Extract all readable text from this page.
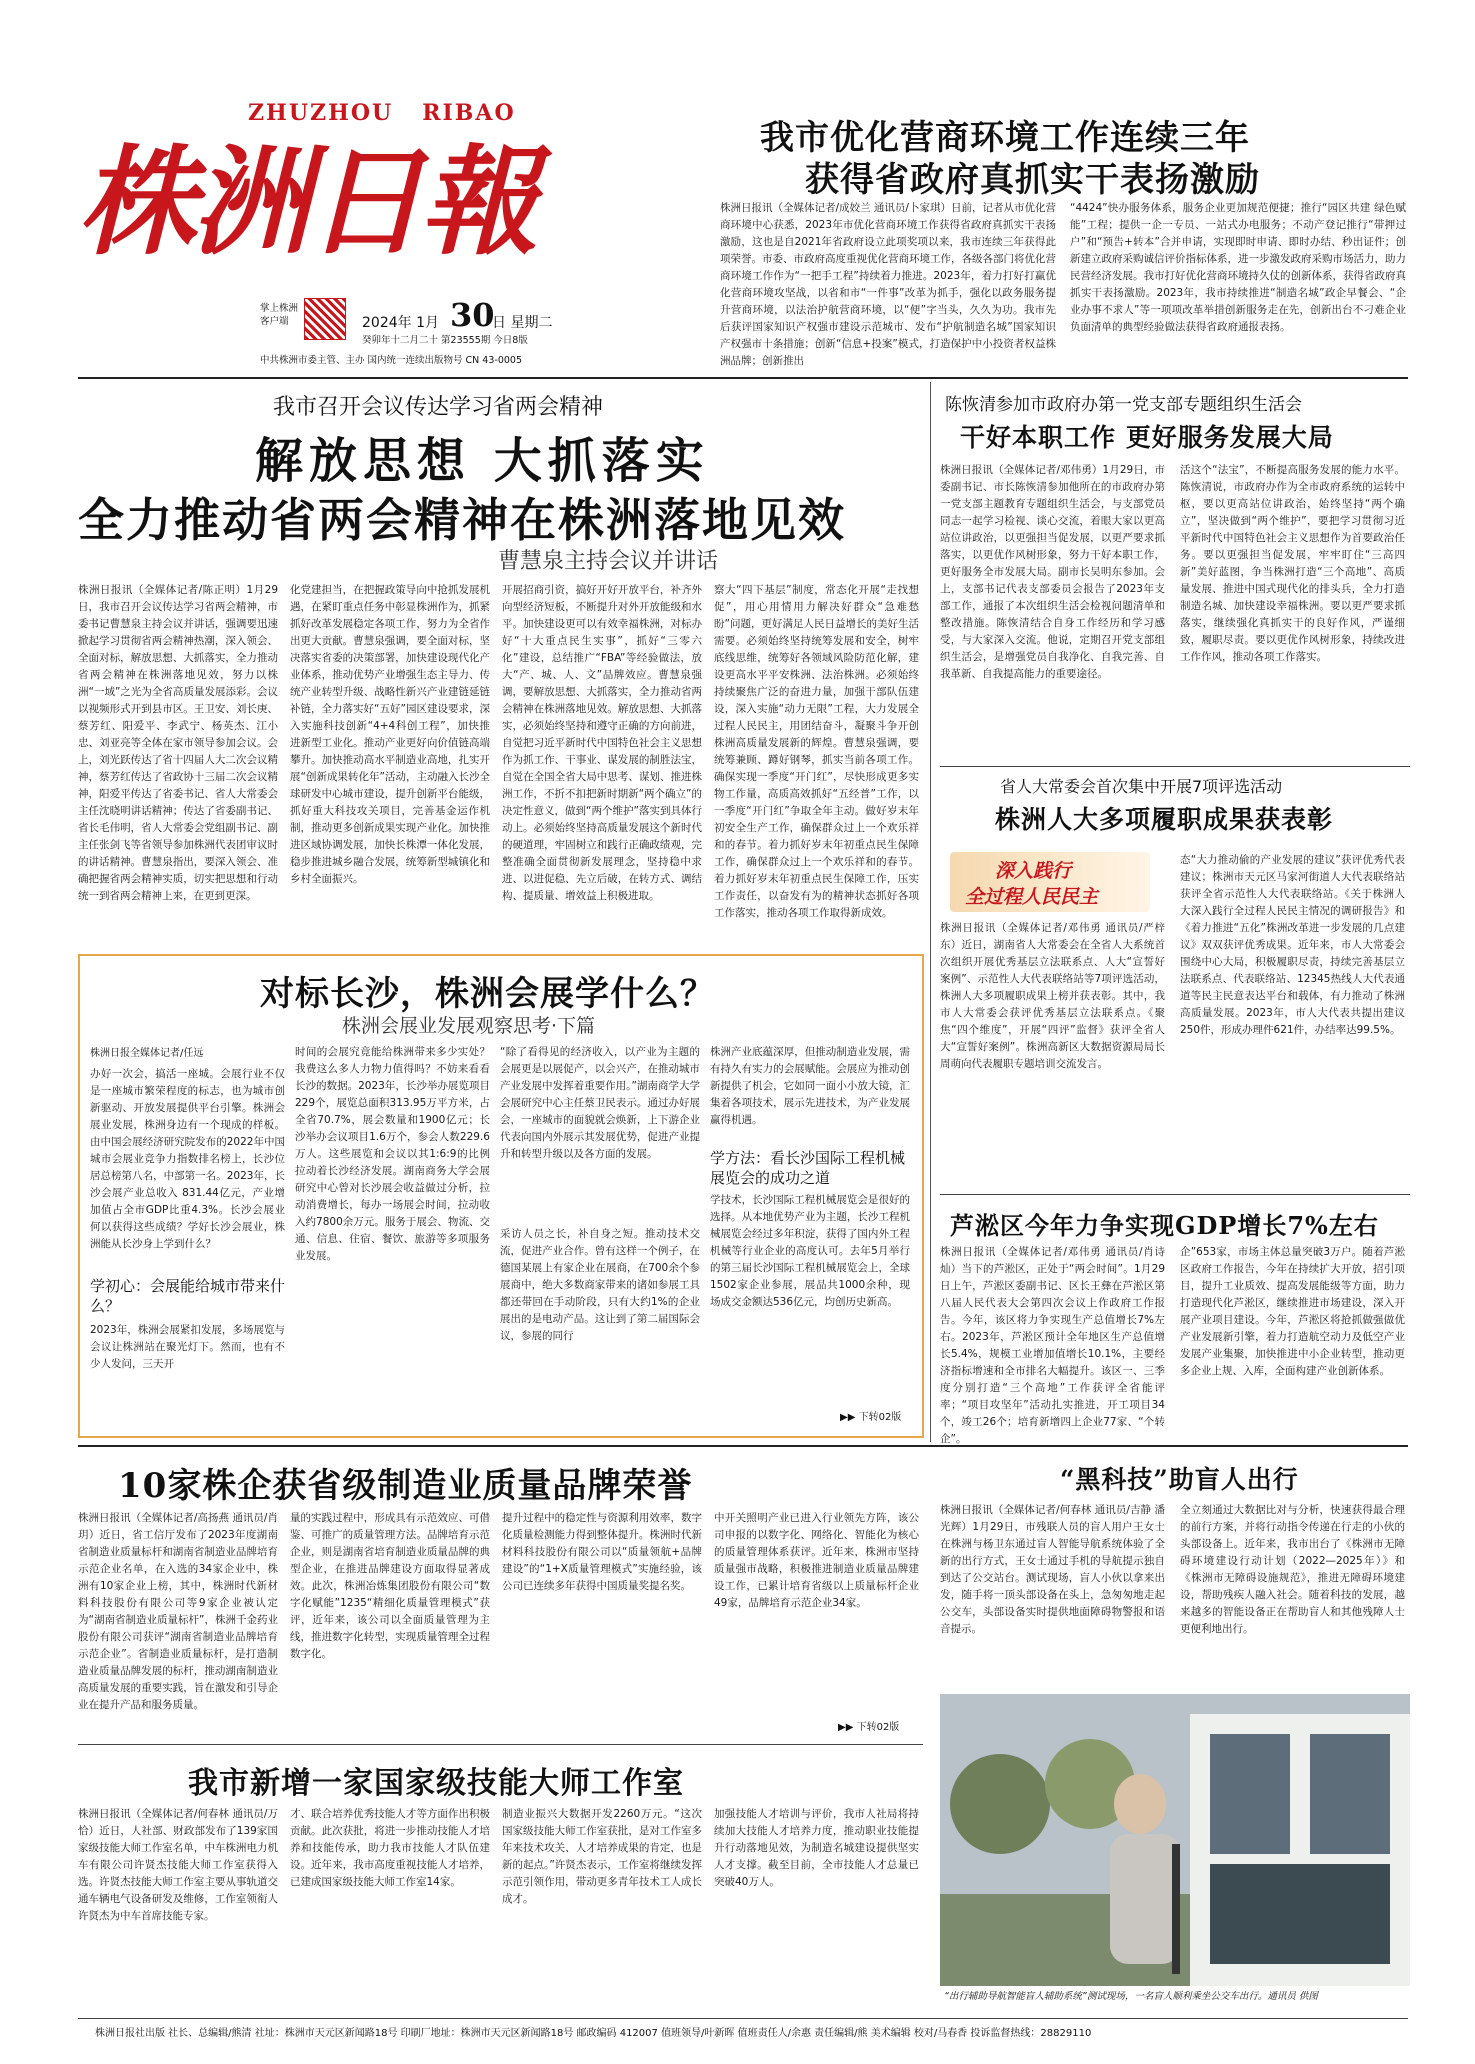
ZHUZHOU   RIBAO
株洲日報
掌上株洲
客户端	2024年 1月 30
日 星期二
癸卯年十二月二十 第23555期 今日8版
中共株洲市委主管、主办 国内统一连续出版物号 CN 43-0005
我市优化营商环境工作连续三年
获得省政府真抓实干表扬激励

株洲日报讯（全媒体记者/成姣兰 通讯员/卜家琪）日前，记者从市优化营商环境中心获悉，2023年市优化营商环境工作获得省政府真抓实干表扬激励，这也是自2021年省政府设立此项奖项以来，我市连续三年获得此项荣誉。市委、市政府高度重视优化营商环境工作，各级各部门将优化营商环境工作作为“一把手工程”持续着力推进。2023年，着力打好打赢优化营商环境攻坚战，以省和市“一件事”改革为抓手，强化以政务服务提升营商环境，以法治护航营商环境，以“便”字当头，久久为功。我市先后获评国家知识产权强市建设示范城市、发布“护航制造名城”国家知识产权强市十条措施；创新“信息+投案”模式，打造保护中小投资者权益株洲品牌；创新推出

“4424”快办服务体系，服务企业更加规范便捷；推行“园区共建 绿色赋能”工程；提供一企一专员、一站式办电服务；不动产登记推行“带押过户”和“预告+转本”合并申请，实现即时申请、即时办结、秒出证件；创新建立政府采购诚信评价指标体系，进一步激发政府采购市场活力，助力民营经济发展。我市打好优化营商环境持久仗的创新体系，获得省政府真抓实干表扬激励。2023年，我市持续推进“制造名城”政企早餐会、“企业办事不求人”等一项项改革举措创新服务走在先，创新出台不刁难企业负面清单的典型经验做法获得省政府通报表扬。

我市召开会议传达学习省两会精神
解放思想 大抓落实
全力推动省两会精神在株洲落地见效
曹慧泉主持会议并讲话

株洲日报讯（全媒体记者/陈正明）1月29日，我市召开会议传达学习省两会精神，市委书记曹慧泉主持会议并讲话，强调要迅速掀起学习贯彻省两会精神热潮，深入领会、全面对标，解放思想、大抓落实，全力推动省两会精神在株洲落地见效，努力以株洲“一域”之光为全省高质量发展添彩。会议以视频形式开到县市区。王卫安、刘长庚、蔡芳红、阳爱平、李武宁、杨英杰、江小忠、刘亚亮等全体在家市领导参加会议。会上，刘光跃传达了省十四届人大二次会议精神，蔡芳红传达了省政协十三届二次会议精神，阳爱平传达了省委书记、省人大常委会主任沈晓明讲话精神；传达了省委副书记、省长毛伟明，省人大常委会党组副书记、副主任张剑飞等省领导参加株洲代表团审议时的讲话精神。曹慧泉指出，要深入领会、准确把握省两会精神实质，切实把思想和行动统一到省两会精神上来，在更到更深。

化党建担当，在把握政策导向中抢抓发展机遇，在紧盯重点任务中彰显株洲作为，抓紧抓好改革发展稳定各项工作，努力为全省作出更大贡献。曹慧泉强调，要全面对标，坚决落实省委的决策部署，加快建设现代化产业体系，推动优势产业增强生态主导力、传统产业转型升级、战略性新兴产业建链延链补链，全力落实好“五好”园区建设要求，深入实施科技创新“4+4科创工程”，加快推进新型工业化。推动产业更好向价值链高端攀升。加快推动高水平制造业高地，扎实开展“创新成果转化年”活动，主动融入长沙全球研发中心城市建设，提升创新平台能级，抓好重大科技攻关项目，完善基金运作机制，推动更多创新成果实现产业化。加快推进区域协调发展，加快长株潭一体化发展，稳步推进城乡融合发展，统筹新型城镇化和乡村全面振兴。

开展招商引资，搞好开好开放平台，补齐外向型经济短板，不断提升对外开放能级和水平。加快建设更可以有效幸福株洲，对标办好“十大重点民生实事”，抓好“三零六化”建设，总结推广“FBA”等经验做法，放大“产、城、人、文”品牌效应。曹慧泉强调，要解放思想、大抓落实，全力推动省两会精神在株洲落地见效。解放思想、大抓落实，必须始终坚持和遵守正确的方向前进，自觉把习近平新时代中国特色社会主义思想作为抓工作、干事业、谋发展的制胜法宝，自觉在全国全省大局中思考、谋划、推进株洲工作，不折不扣把新时期新“两个确立”的决定性意义，做到“两个维护”落实到具体行动上。必须始终坚持高质量发展这个新时代的硬道理，牢固树立和践行正确政绩观，完整准确全面贯彻新发展理念，坚持稳中求进、以进促稳、先立后破，在转方式、调结构、提质量、增效益上积极进取。

察大“四下基层”制度，常态化开展“走找想促”，用心用情用力解决好群众“急难愁盼”问题，更好满足人民日益增长的美好生活需要。必须始终坚持统筹发展和安全，树牢底线思维，统筹好各领域风险防范化解，建设更高水平平安株洲、法治株洲。必须始终持续聚焦广泛的奋进力量，加强干部队伍建设，深入实施“动力无限”工程，大力发展全过程人民民主，用团结奋斗，凝聚斗争开创株洲高质量发展新的辉煌。曹慧泉强调，要统筹兼顾、蹲好钢琴，抓实当前各项工作。确保实现一季度“开门红”，尽快形成更多实物工作量，高质高效抓好“五经普”工作，以一季度“开门红”争取全年主动。做好岁末年初安全生产工作，确保群众过上一个欢乐祥和的春节。着力抓好岁末年初重点民生保障工作，确保群众过上一个欢乐祥和的春节。着力抓好岁末年初重点民生保障工作，压实工作责任，以奋发有为的精神状态抓好各项工作落实，推动各项工作取得新成效。

陈恢清参加市政府办第一党支部专题组织生活会
干好本职工作 更好服务发展大局

株洲日报讯（全媒体记者/邓伟勇）1月29日，市委副书记、市长陈恢清参加他所在的市政府办第一党支部主题教育专题组织生活会，与支部党员同志一起学习检视、谈心交流，着眼大家以更高站位讲政治，以更强担当促发展，以更严要求抓落实，以更优作风树形象，努力干好本职工作，更好服务全市发展大局。副市长吴明东参加。会上，支部书记代表支部委员会报告了2023年支部工作，通报了本次组织生活会检视问题清单和整改措施。陈恢清结合自身工作经历和学习感受，与大家深入交流。他说，定期召开党支部组织生活会，是增强党员自我净化、自我完善、自我革新、自我提高能力的重要途径。

活这个“法宝”，不断提高服务发展的能力水平。陈恢清说，市政府办作为全市政府系统的运转中枢，要以更高站位讲政治，始终坚持“两个确立”，坚决做到“两个维护”，要把学习贯彻习近平新时代中国特色社会主义思想作为首要政治任务。要以更强担当促发展，牢牢盯住“三高四新”美好蓝图，争当株洲打造“三个高地”、高质量发展、推进中国式现代化的排头兵，全力打造制造名城、加快建设幸福株洲。要以更严要求抓落实，继续强化真抓实干的良好作风，严谨细致，履职尽责。要以更优作风树形象，持续改进工作作风，推动各项工作落实。

省人大常委会首次集中开展7项评选活动
株洲人大多项履职成果获表彰
深入践行
全过程人民民主

株洲日报讯（全媒体记者/邓伟勇 通讯员/严梓东）近日，湖南省人大常委会在全省人大系统首次组织开展优秀基层立法联系点、人大“宣誓好案例”、示范性人大代表联络站等7项评选活动，株洲人大多项履职成果上榜并获表彰。其中，我市人大常委会获评优秀基层立法联系点。《聚焦“四个维度”，开展“四评”监督》获评全省人大“宣誓好案例”。株洲高新区大数据资源局局长周萌向代表履职专题培训交流发言。

态“大力推动偷的产业发展的建议”获评优秀代表建议；株洲市天元区马家河街道人大代表联络站获评全省示范性人大代表联络站。《关于株洲人大深入践行全过程人民民主情况的调研报告》和《着力推进“五化”株洲改革进一步发展的几点建议》双双获评优秀成果。近年来，市人大常委会围绕中心大局，积极履职尽责，持续完善基层立法联系点、代表联络站、12345热线人大代表通道等民主民意表达平台和载体，有力推动了株洲高质量发展。2023年，市人大代表共提出建议250件，形成办理件621件，办结率达99.5%。

对标长沙，株洲会展学什么？
株洲会展业发展观察思考·下篇
株洲日报全媒体记者/任远

办好一次会，搞活一座城。会展行业不仅是一座城市繁荣程度的标志，也为城市创新驱动、开放发展提供平台引擎。株洲会展业发展，株洲身边有一个现成的样板。由中国会展经济研究院发布的2022年中国城市会展业竞争力指数排名榜上，长沙位居总榜第八名，中部第一名。2023年，长沙会展产业总收入 831.44亿元，产业增加值占全市GDP比重4.3%。长沙会展业何以获得这些成绩？学好长沙会展业，株洲能从长沙身上学到什么？

学初心：会展能给城市带来什么？

2023年，株洲会展紧扣发展，多场展览与会议让株洲站在聚光灯下。然而，也有不少人发问，三天开

时间的会展究竟能给株洲带来多少实处？我费这么多人力物力值得吗？不妨来看看长沙的数据。2023年，长沙举办展览项目229个，展览总面积313.95万平方米，占全省70.7%，展会数量和1900亿元；长沙举办会议项目1.6万个，参会人数229.6万人。这些展览和会议以其1:6:9的比例拉动着长沙经济发展。湖南商务大学会展研究中心曾对长沙展会收益做过分析，拉动消费增长，每办一场展会时间，拉动收入约7800余万元。服务于展会、物流、交通、信息、住宿、餐饮、旅游等多项服务业发展。

“除了看得见的经济收入，以产业为主题的会展更是以展促产，以会兴产，在推动城市产业发展中发挥着重要作用。”湖南商学大学会展研究中心主任蔡卫民表示。通过办好展会，一座城市的面貌就会焕新，上下游企业代表向国内外展示其发展优势，促进产业提升和转型升级以及各方面的发展。

采访人员之长，补自身之短。推动技术交流，促进产业合作。曾有这样一个例子，在德国某展上有家企业在展商，在700余个参展商中，绝大多数商家带来的诸如参展工具都还带回在手动阶段，只有大约1%的企业展出的是电动产品。这让到了第二届国际会议，参展的同行

株洲产业底蕴深厚，但推动制造业发展，需有持久有实力的会展赋能。会展应为推动创新提供了机会，它如同一面小小放大镜，汇集着各项技术，展示先进技术，为产业发展赢得机遇。

学方法：看长沙国际工程机械展览会的成功之道

学技术，长沙国际工程机械展览会是很好的选择。从本地优势产业为主题，长沙工程机械展览会经过多年积淀，获得了国内外工程机械等行业企业的高度认可。去年5月举行的第三届长沙国际工程机械展览会上，全球1502家企业参展，展品共1000余种，现场成交金额达536亿元，均创历史新高。

▶▶ 下转02版
芦淞区今年力争实现GDP增长7%左右

株洲日报讯（全媒体记者/邓伟勇 通讯员/肖诗灿）当下的芦淞区，正处于“两会时间”。1月29日上午，芦淞区委副书记、区长王彝在芦淞区第八届人民代表大会第四次会议上作政府工作报告。今年，该区将力争实现生产总值增长7%左右。2023年，芦淞区预计全年地区生产总值增长5.4%，规模工业增加值增长10.1%，主要经济指标增速和全市排名大幅提升。该区一、三季度分别打造“三个高地”工作获评全省能评率；“项目攻坚年”活动扎实推进，开工项目34个，竣工26个；培育新增四上企业77家、“个转企”。

企”653家，市场主体总量突破3万户。随着芦淞区政府工作报告，今年在持续扩大开放，招引项目，提升工业质效、提高发展能级等方面，助力打造现代化芦淞区，继续推进市场建设，深入开展产业项目建设。今年，芦淞区将抢抓做强做优产业发展新引擎，着力打造航空动力及低空产业发展产业集聚，加快推进中小企业转型，推动更多企业上规、入库，全面构建产业创新体系。

10家株企获省级制造业质量品牌荣誉

株洲日报讯（全媒体记者/高扬燕 通讯员/肖玥）近日，省工信厅发布了2023年度湖南省制造业质量标杆和湖南省制造业品牌培育示范企业名单，在入选的34家企业中，株洲有10家企业上榜，其中，株洲时代新材料科技股份有限公司等9家企业被认定为“湖南省制造业质量标杆”，株洲千金药业股份有限公司获评“湖南省制造业品牌培育示范企业”。省制造业质量标杆，是打造制造业质量品牌发展的标杆，推动湖南制造业高质量发展的重要实践，旨在激发和引导企业在提升产品和服务质量。

量的实践过程中，形成具有示范效应、可借鉴、可推广的质量管理方法。品牌培育示范企业，则是湖南省培育制造业质量品牌的典型企业，在推进品牌建设方面取得显著成效。此次，株洲冶炼集团股份有限公司“数字化赋能”1235“精细化质量管理模式”获评，近年来，该公司以全面质量管理为主线，推进数字化转型，实现质量管理全过程数字化。

提升过程中的稳定性与资源利用效率，数字化质量检测能力得到整体提升。株洲时代新材料科技股份有限公司以“质量领航+品牌建设”的“1+X质量管理模式”实施经验，该公司已连续多年获得中国质量奖提名奖。

中开关照明产业已进入行业领先方阵，该公司申报的以数字化、网络化、智能化为核心的质量管理体系获评。近年来，株洲市坚持质量强市战略，积极推进制造业质量品牌建设工作，已累计培育省级以上质量标杆企业49家，品牌培育示范企业34家。

▶▶ 下转02版
“黑科技”助盲人出行

株洲日报讯（全媒体记者/何春林 通讯员/吉静 潘光辉）1月29日，市残联人员的盲人用户王女士在株洲与杨卫东通过盲人智能导航系统体验了全新的出行方式，王女士通过手机的导航提示独自到达了公交站台。测试现场，盲人小伙以拿来出发，随手将一顶头部设备在头上，急匆匆地走起公交车，头部设备实时提供地面障碍物警报和语音提示。

全立刻通过大数据比对与分析，快速获得最合理的前行方案，并将行动指令传递在行走的小伙的头部设备上。近年来，我市出台了《株洲市无障碍环境建设行动计划（2022—2025年）》和《株洲市无障碍设施规范》，推进无障碍环境建设，帮助残疾人融入社会。随着科技的发展，越来越多的智能设备正在帮助盲人和其他残障人士更便利地出行。

我市新增一家国家级技能大师工作室

株洲日报讯（全媒体记者/何春林 通讯员/万恰）近日，人社部、财政部发布了139家国家级技能大师工作室名单，中车株洲电力机车有限公司许贤杰技能大师工作室获得入选。许贤杰技能大师工作室主要从事轨道交通车辆电气设备研发及维修，工作室领衔人许贤杰为中车首席技能专家。

才、联合培养优秀技能人才等方面作出积极贡献。此次获批，将进一步推动技能人才培养和技能传承，助力我市技能人才队伍建设。近年来，我市高度重视技能人才培养，已建成国家级技能大师工作室14家。

制造业振兴大数据开发2260万元。“这次国家级技能大师工作室获批，是对工作室多年来技术攻关、人才培养成果的肯定，也是新的起点。”许贤杰表示，工作室将继续发挥示范引领作用，带动更多青年技术工人成长成才。

加强技能人才培训与评价，我市人社局将持续加大技能人才培养力度，推动职业技能提升行动落地见效，为制造名城建设提供坚实人才支撑。截至目前，全市技能人才总量已突破40万人。

“出行辅助导航智能盲人辅助系统”测试现场，一名盲人顺利乘坐公交车出行。通讯员 供图
株洲日报社出版 社长、总编辑/熊清 社址：株洲市天元区新闻路18号 印刷厂地址：株洲市天元区新闻路18号 邮政编码 412007 值班领导/叶新晖 值班责任人/余惠 责任编辑/熊 美术编辑 校对/马春香 投诉监督热线：28829110
